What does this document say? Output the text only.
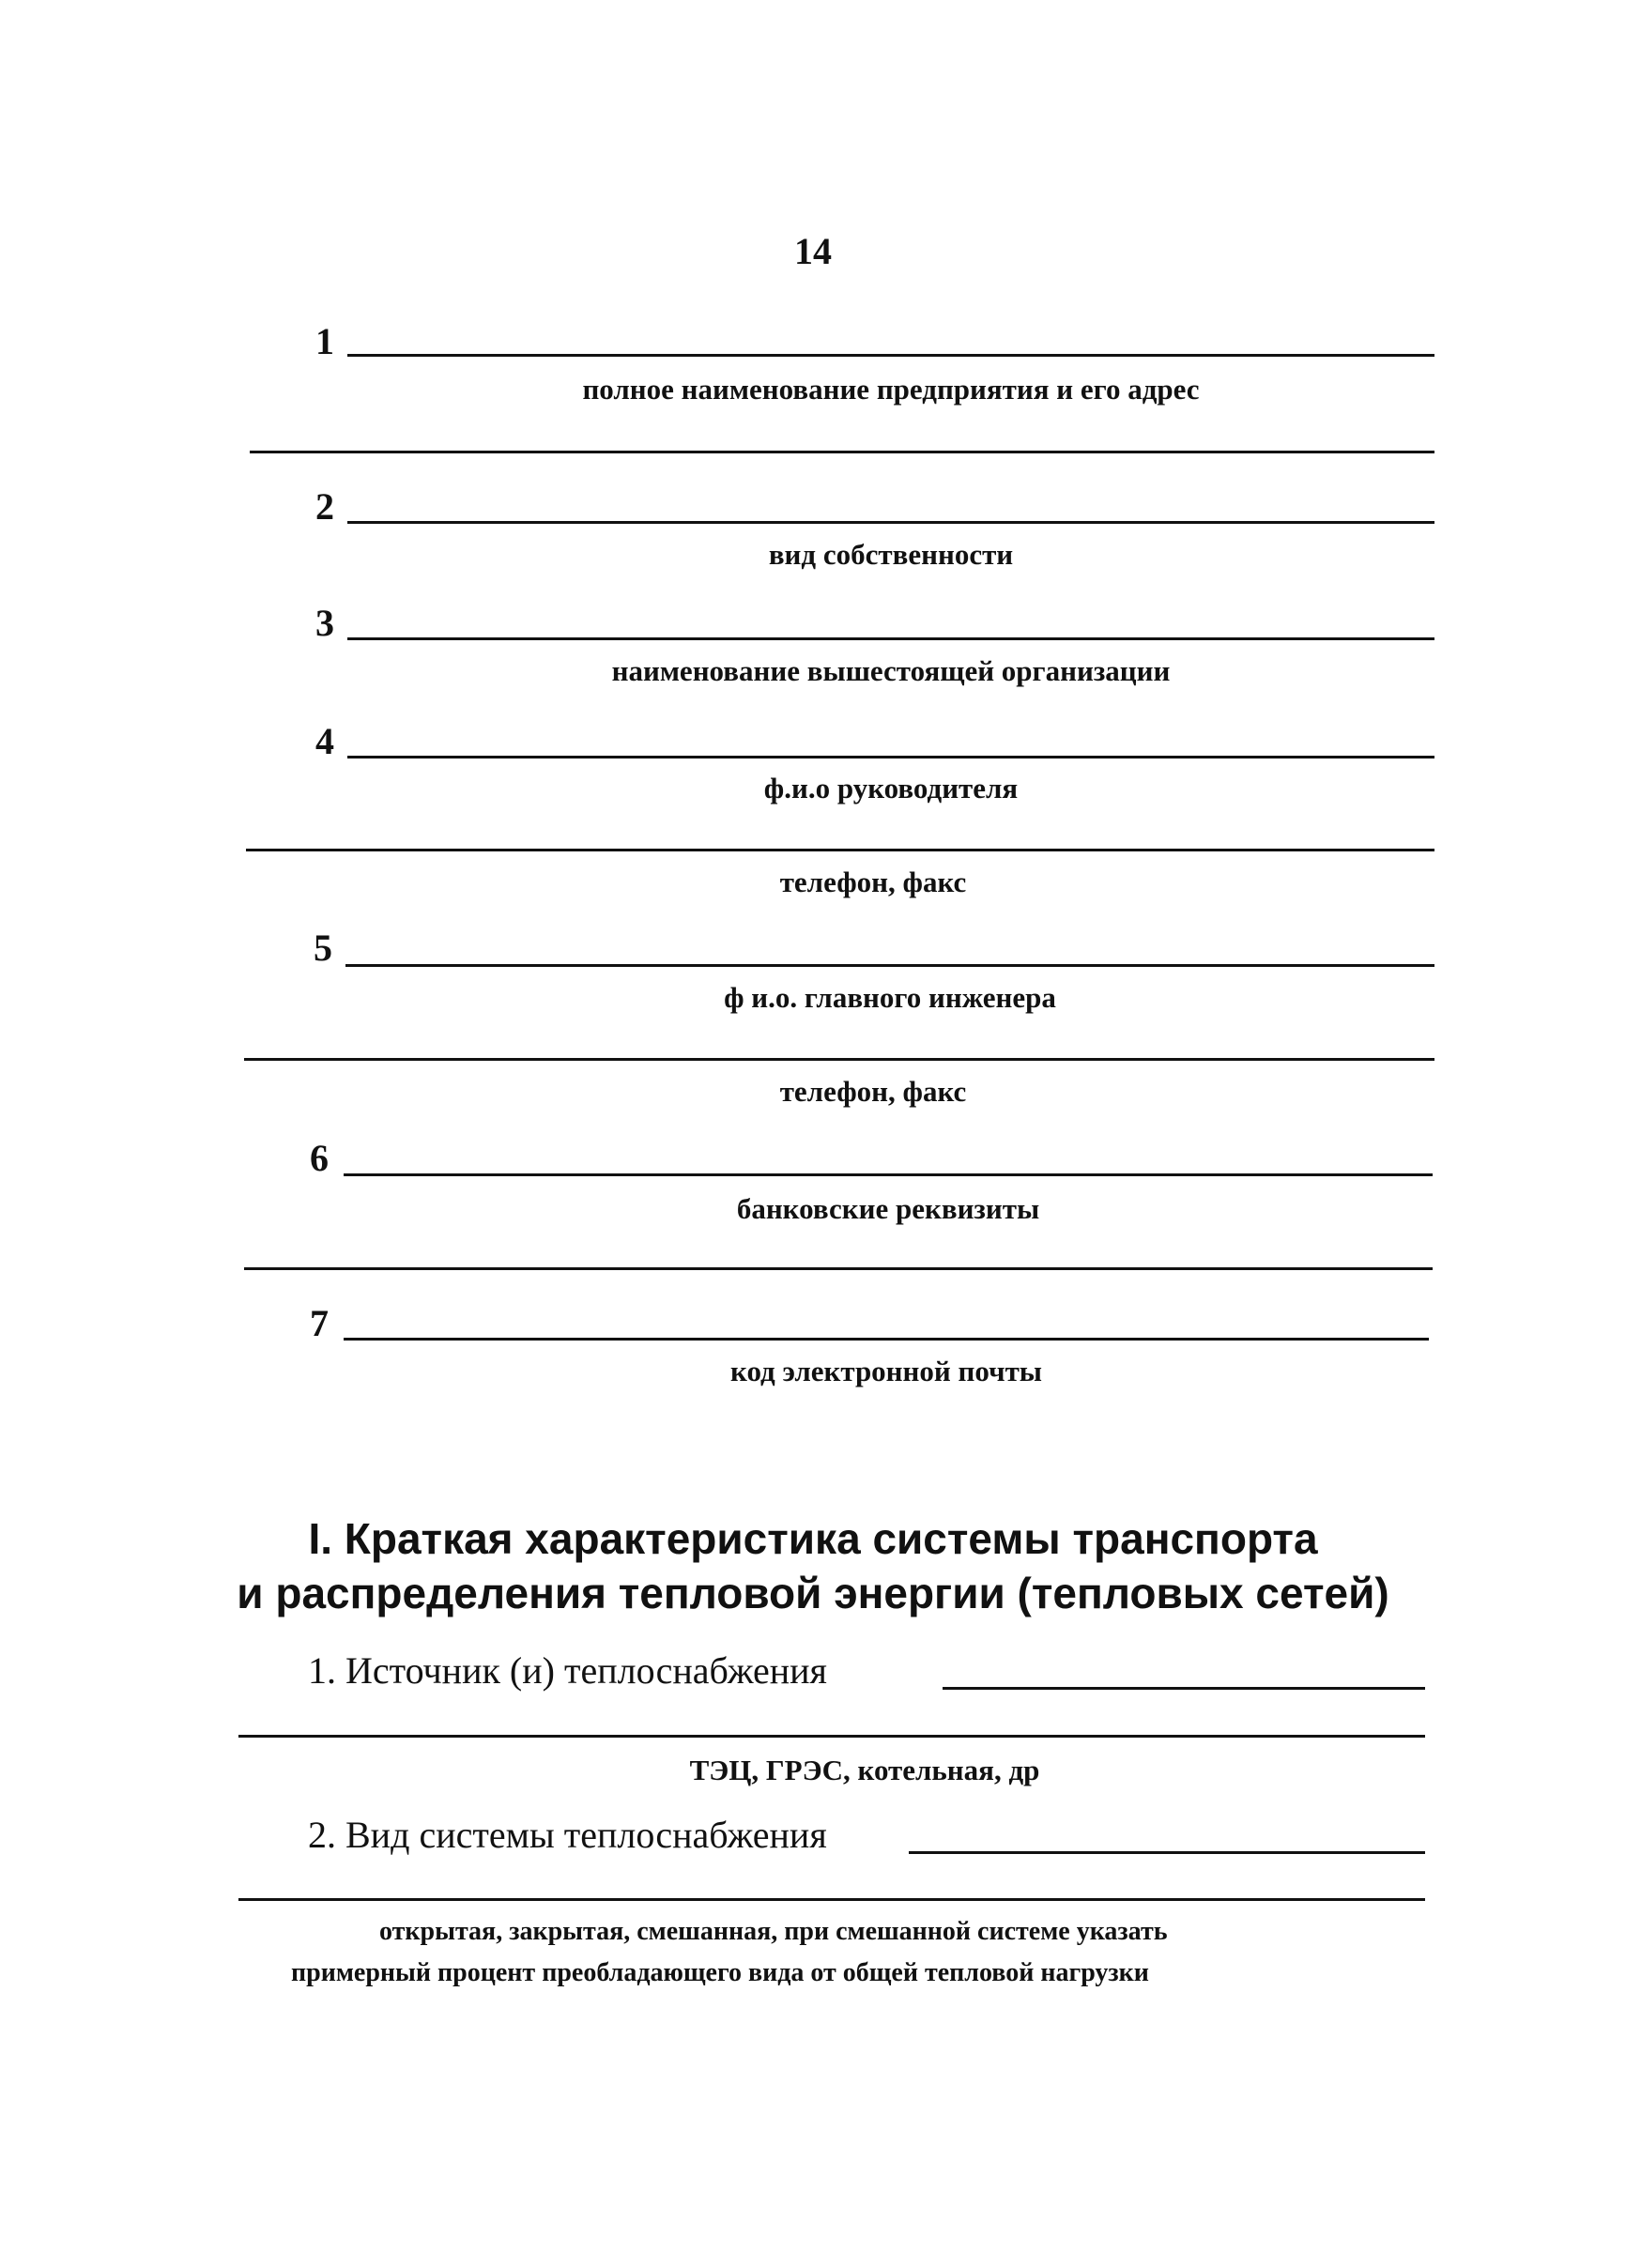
14
1
полное наименование предприятия и его адрес
2
вид собственности
3
наименование вышестоящей организации
4
ф.и.о руководителя
телефон, факс
5
ф и.о. главного инженера
телефон, факс
6
банковские реквизиты
7
код электронной почты
I. Краткая характеристика системы транспорта
и распределения тепловой энергии (тепловых сетей)
1. Источник (и) теплоснабжения
ТЭЦ, ГРЭС, котельная, др
2. Вид системы теплоснабжения
открытая, закрытая, смешанная, при смешанной системе указать
примерный процент преобладающего вида от общей тепловой нагрузки
